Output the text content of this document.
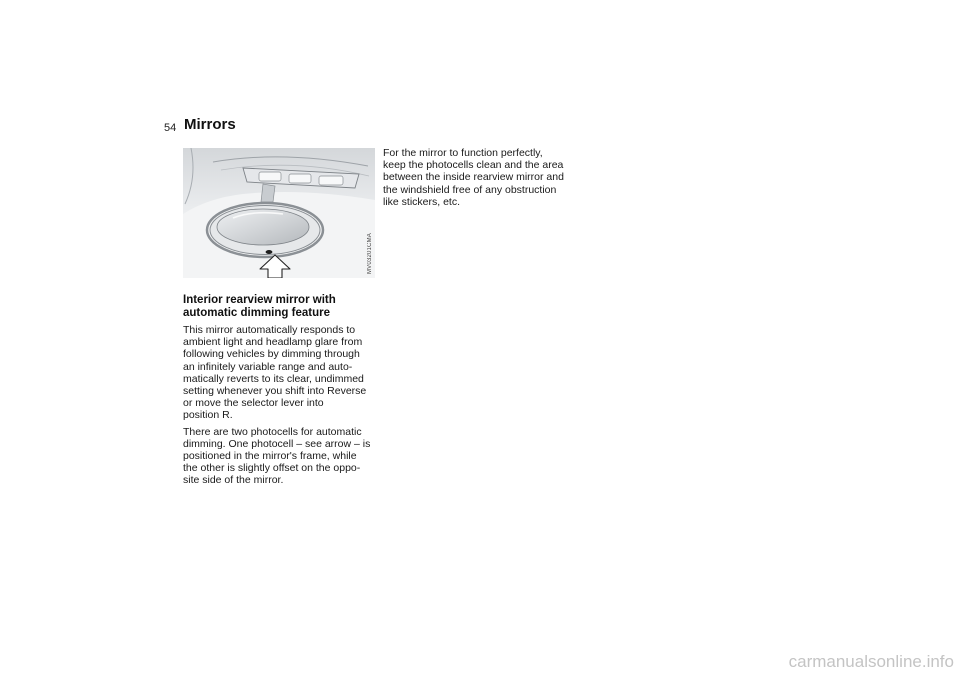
54 Mirrors
MV03201CMA
Interior rearview mirror with
automatic dimming feature

This mirror automatically responds to
ambient light and headlamp glare from
following vehicles by dimming through
an infinitely variable range and auto-
matically reverts to its clear, undimmed
setting whenever you shift into Reverse
or move the selector lever into
position R.

There are two photocells for automatic
dimming. One photocell – see arrow – is
positioned in the mirror's frame, while
the other is slightly offset on the oppo-
site side of the mirror.

For the mirror to function perfectly,
keep the photocells clean and the area
between the inside rearview mirror and
the windshield free of any obstruction
like stickers, etc.

carmanualsonline.info
